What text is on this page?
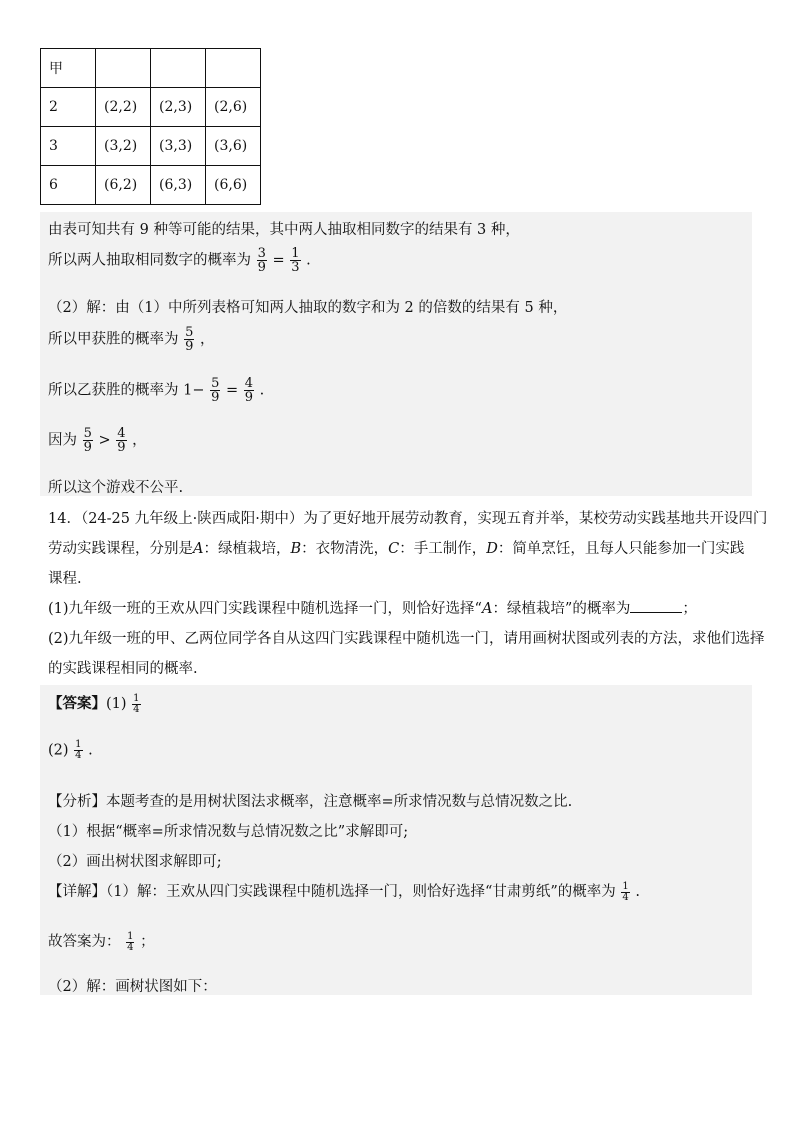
甲			
2	(2,2)	(2,3)	(2,6)
3	(3,2)	(3,3)	(3,6)
6	(6,2)	(6,3)	(6,6)
由表可知共有 9 种等可能的结果，其中两人抽取相同数字的结果有 3 种，
所以两人抽取相同数字的概率为 $\frac{3}{9} = \frac{1}{3}$ .
（2）解：由（1）中所列表格可知两人抽取的数字和为 2 的倍数的结果有 5 种，
所以甲获胜的概率为 $\frac{5}{9}$ ，
所以乙获胜的概率为 $1- \frac{5}{9} = \frac{4}{9}$ .
因为 $\frac{5}{9} > \frac{4}{9}$ ，
所以这个游戏不公平.
14．（24-25 九年级上·陕西咸阳·期中）为了更好地开展劳动教育，实现五育并举，某校劳动实践基地共开设四门
劳动实践课程，分别是A：绿植栽培，B：衣物清洗，C：手工制作，D：简单烹饪，且每人只能参加一门实践
课程.
(1)九年级一班的王欢从四门实践课程中随机选择一门，则恰好选择“A：绿植栽培”的概率为	；
(2)九年级一班的甲、乙两位同学各自从这四门实践课程中随机选一门，请用画树状图或列表的方法，求他们选择
的实践课程相同的概率.
【答案】$(1) \frac{1}{4}$
$(2) \frac{1}{4}$ .
【分析】本题考查的是用树状图法求概率，注意概率=所求情况数与总情况数之比.
（1）根据“概率=所求情况数与总情况数之比”求解即可;
（2）画出树状图求解即可;
【详解】（1）解：王欢从四门实践课程中随机选择一门，则恰好选择“甘肃剪纸”的概率为 $\frac{1}{4}$ .
故答案为： $\frac{1}{4}$ ；
（2）解：画树状图如下：
